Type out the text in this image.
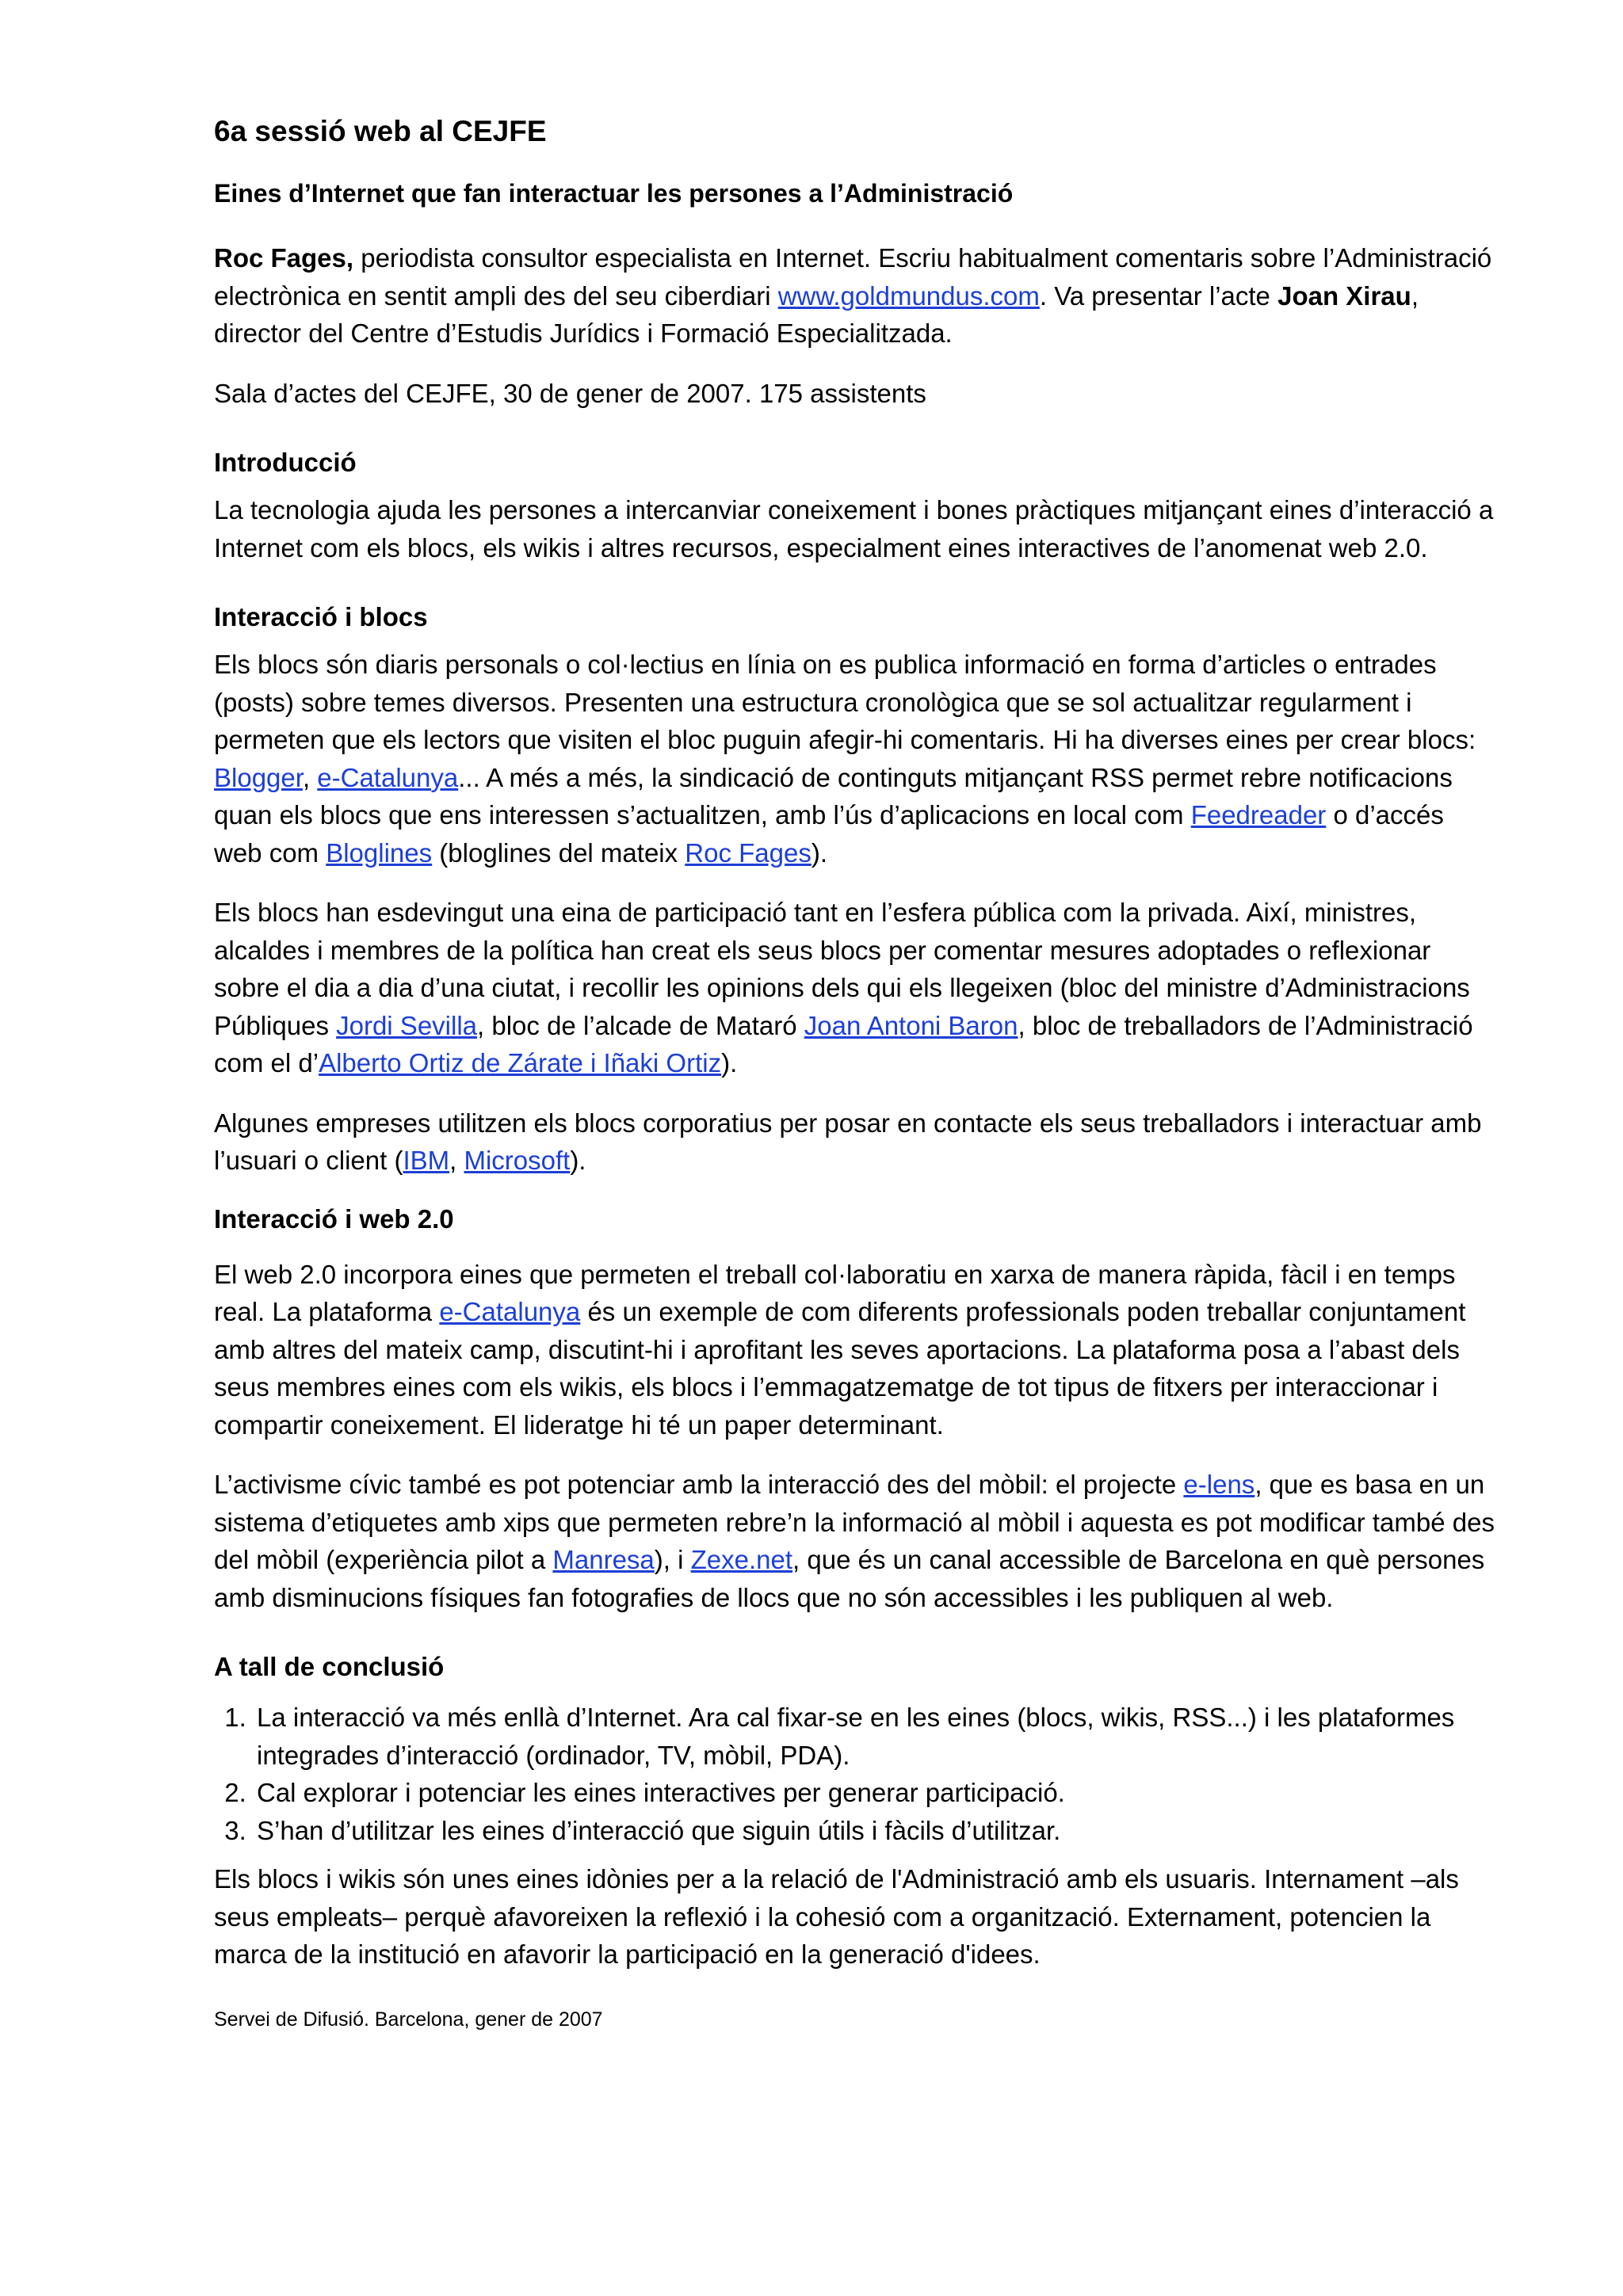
6a sessió web al CEJFE
Eines d’Internet que fan interactuar les persones a l’Administració

Roc Fages, periodista consultor especialista en Internet. Escriu habitualment comentaris sobre l’Administració electrònica en sentit ampli des del seu ciberdiari www.goldmundus.com. Va presentar l’acte Joan Xirau, director del Centre d’Estudis Jurídics i Formació Especialitzada.

Sala d’actes del CEJFE, 30 de gener de 2007. 175 assistents

Introducció

La tecnologia ajuda les persones a intercanviar coneixement i bones pràctiques mitjançant eines d’interacció a Internet com els blocs, els wikis i altres recursos, especialment eines interactives de l’anomenat web 2.0.

Interacció i blocs

Els blocs són diaris personals o col·lectius en línia on es publica informació en forma d’articles o entrades (posts) sobre temes diversos. Presenten una estructura cronològica que se sol actualitzar regularment i permeten que els lectors que visiten el bloc puguin afegir-hi comentaris. Hi ha diverses eines per crear blocs: Blogger, e-Catalunya... A més a més, la sindicació de continguts mitjançant RSS permet rebre notificacions quan els blocs que ens interessen s’actualitzen, amb l’ús d’aplicacions en local com Feedreader o d’accés web com Bloglines (bloglines del mateix Roc Fages).

Els blocs han esdevingut una eina de participació tant en l’esfera pública com la privada. Així, ministres, alcaldes i membres de la política han creat els seus blocs per comentar mesures adoptades o reflexionar sobre el dia a dia d’una ciutat, i recollir les opinions dels qui els llegeixen (bloc del ministre d’Administracions Públiques Jordi Sevilla, bloc de l’alcade de Mataró Joan Antoni Baron, bloc de treballadors de l’Administració com el d’Alberto Ortiz de Zárate i Iñaki Ortiz).

Algunes empreses utilitzen els blocs corporatius per posar en contacte els seus treballadors i interactuar amb l’usuari o client (IBM, Microsoft).

Interacció i web 2.0

El web 2.0 incorpora eines que permeten el treball col·laboratiu en xarxa de manera ràpida, fàcil i en temps real. La plataforma e-Catalunya és un exemple de com diferents professionals poden treballar conjuntament amb altres del mateix camp, discutint-hi i aprofitant les seves aportacions. La plataforma posa a l’abast dels seus membres eines com els wikis, els blocs i l’emmagatzematge de tot tipus de fitxers per interaccionar i compartir coneixement. El lideratge hi té un paper determinant.

L’activisme cívic també es pot potenciar amb la interacció des del mòbil: el projecte e-lens, que es basa en un sistema d’etiquetes amb xips que permeten rebre’n la informació al mòbil i aquesta es pot modificar també des del mòbil (experiència pilot a Manresa), i Zexe.net, que és un canal accessible de Barcelona en què persones amb disminucions físiques fan fotografies de llocs que no són accessibles i les publiquen al web.

A tall de conclusió
1. La interacció va més enllà d’Internet. Ara cal fixar-se en les eines (blocs, wikis, RSS...) i les plataformes integrades d’interacció (ordinador, TV, mòbil, PDA).
2. Cal explorar i potenciar les eines interactives per generar participació.
3. S’han d’utilitzar les eines d’interacció que siguin útils i fàcils d’utilitzar.

Els blocs i wikis són unes eines idònies per a la relació de l'Administració amb els usuaris. Internament –als seus empleats– perquè afavoreixen la reflexió i la cohesió com a organització. Externament, potencien la marca de la institució en afavorir la participació en la generació d'idees.

Servei de Difusió. Barcelona, gener de 2007
